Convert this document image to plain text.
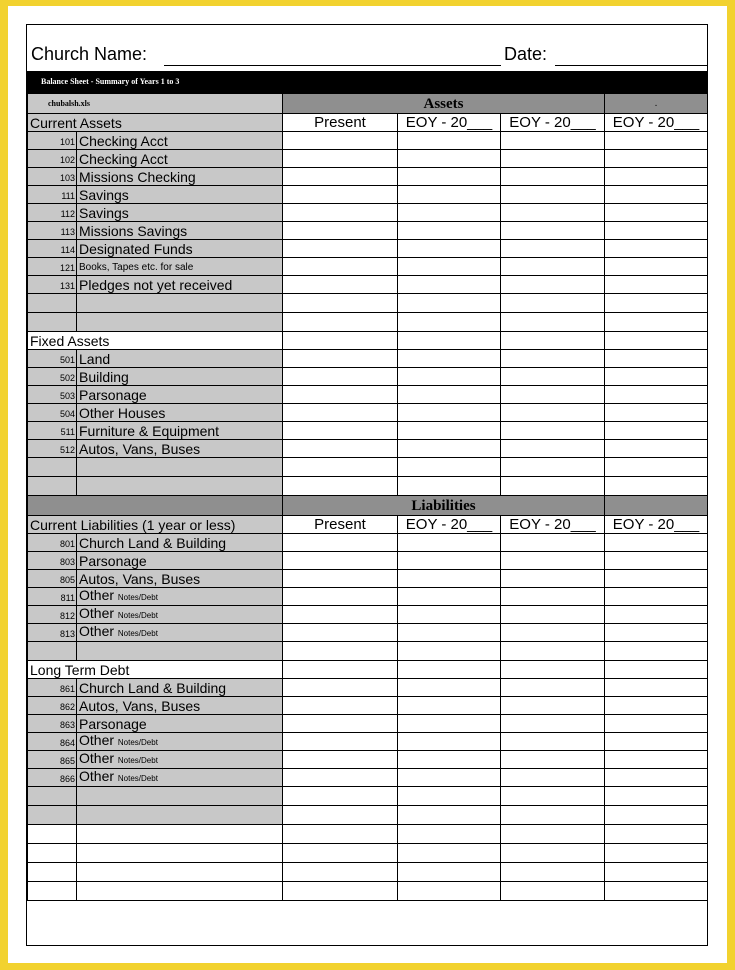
Church Name:	Date:
Balance Sheet - Summary of Years 1 to 3
chubalsh.xls		Assets			.
Current Assets		Present	EOY - 20___	EOY - 20___	EOY - 20___
101	Checking Acct				
102	Checking Acct				
103	Missions Checking				
111	Savings				
112	Savings				
113	Missions Savings				
114	Designated Funds				
121	Books, Tapes etc. for sale				
131	Pledges not yet received				

Fixed Assets					
501	Land				
502	Building				
503	Parsonage				
504	Other Houses				
511	Furniture & Equipment				
512	Autos, Vans, Buses				

		Liabilities			
Current Liabilities (1 year or less)		Present	EOY - 20___	EOY - 20___	EOY - 20___
801	Church Land & Building				
803	Parsonage				
805	Autos, Vans, Buses				
811	Other Notes/Debt				
812	Other Notes/Debt				
813	Other Notes/Debt				

Long Term Debt					
861	Church Land & Building				
862	Autos, Vans, Buses				
863	Parsonage				
864	Other Notes/Debt				
865	Other Notes/Debt				
866	Other Notes/Debt				
